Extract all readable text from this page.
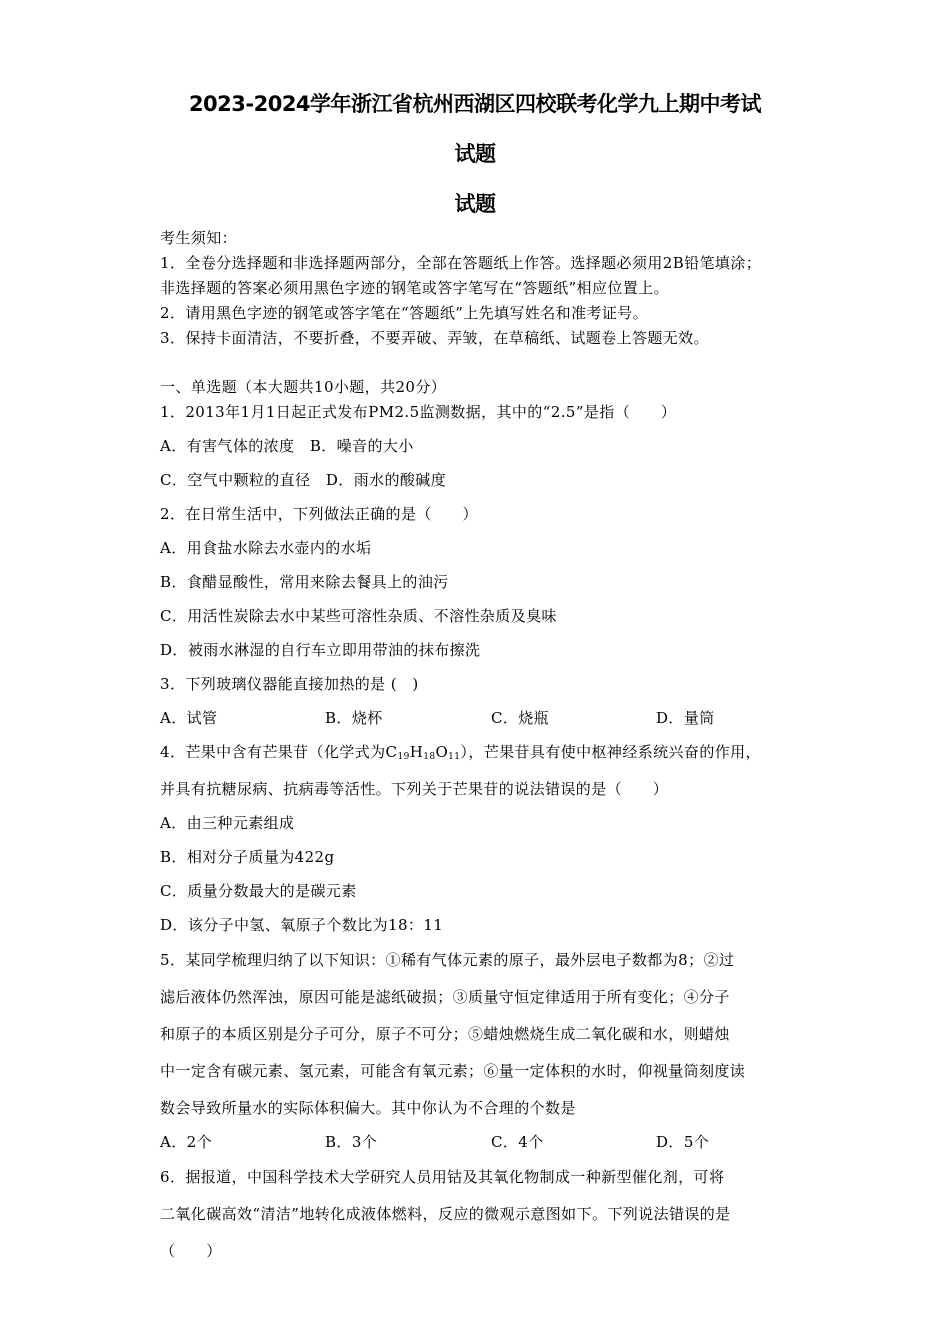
2023-2024学年浙江省杭州西湖区四校联考化学九上期中考试
试题
试题
考生须知：
1．全卷分选择题和非选择题两部分，全部在答题纸上作答。选择题必须用2B铅笔填涂；
非选择题的答案必须用黑色字迹的钢笔或答字笔写在“答题纸”相应位置上。
2．请用黑色字迹的钢笔或答字笔在“答题纸”上先填写姓名和准考证号。
3．保持卡面清洁，不要折叠，不要弄破、弄皱，在草稿纸、试题卷上答题无效。
一、单选题（本大题共10小题，共20分）
1．2013年1月1日起正式发布PM2.5监测数据，其中的“2.5”是指（　　）
A．有害气体的浓度　B．噪音的大小
C．空气中颗粒的直径　D．雨水的酸碱度
2．在日常生活中，下列做法正确的是（　　）
A．用食盐水除去水壶内的水垢
B．食醋显酸性，常用来除去餐具上的油污
C．用活性炭除去水中某些可溶性杂质、不溶性杂质及臭味
D．被雨水淋湿的自行车立即用带油的抹布擦洗
3．下列玻璃仪器能直接加热的是 (　)
A．试管	B．烧杯	C．烧瓶	D．量筒
4．芒果中含有芒果苷（化学式为$C_{19}H_{18}O_{11}$），芒果苷具有使中枢神经系统兴奋的作用，
并具有抗糖尿病、抗病毒等活性。下列关于芒果苷的说法错误的是（　　）
A．由三种元素组成
B．相对分子质量为422g
C．质量分数最大的是碳元素
D．该分子中氢、氧原子个数比为18：11
5．某同学梳理归纳了以下知识：①稀有气体元素的原子，最外层电子数都为8；②过
滤后液体仍然浑浊，原因可能是滤纸破损；③质量守恒定律适用于所有变化；④分子
和原子的本质区别是分子可分，原子不可分；⑤蜡烛燃烧生成二氧化碳和水，则蜡烛
中一定含有碳元素、氢元素，可能含有氧元素；⑥量一定体积的水时，仰视量筒刻度读
数会导致所量水的实际体积偏大。其中你认为不合理的个数是
A．2个	B．3个	C．4个	D．5个
6．据报道，中国科学技术大学研究人员用钴及其氧化物制成一种新型催化剂，可将
二氧化碳高效“清洁”地转化成液体燃料，反应的微观示意图如下。下列说法错误的是
（　　）
